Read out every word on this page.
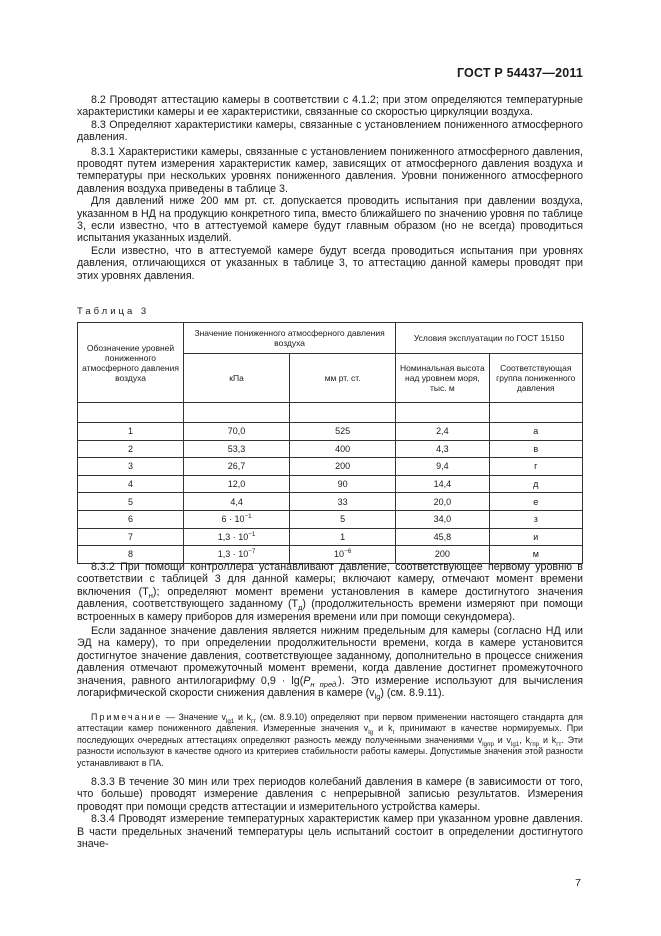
ГОСТ Р 54437—2011

8.2 Проводят аттестацию камеры в соответствии с 4.1.2; при этом определяются температурные характеристики камеры и ее характеристики, связанные со скоростью циркуляции воздуха.

8.3 Определяют характеристики камеры, связанные с установлением пониженного атмосферного давления.

8.3.1 Характеристики камеры, связанные с установлением пониженного атмосферного давления, проводят путем измерения характеристик камер, зависящих от атмосферного давления воздуха и температуры при нескольких уровнях пониженного давления. Уровни пониженного атмосферного давления воздуха приведены в таблице 3.

Для давлений ниже 200 мм рт. ст. допускается проводить испытания при давлении воздуха, указанном в НД на продукцию конкретного типа, вместо ближайшего по значению уровня по таблице 3, если известно, что в аттестуемой камере будут главным образом (но не всегда) проводиться испытания указанных изделий.

Если известно, что в аттестуемой камере будут всегда проводиться испытания при уровнях давления, отличающихся от указанных в таблице 3, то аттестацию данной камеры проводят при этих уровнях давления.

Таблица 3
Обозначение уровней пониженного атмосферного давления воздуха	Значение пониженного атмосферного давления воздуха		Условия эксплуатации по ГОСТ 15150	
	кПа	мм рт. ст.	Номинальная высота над уровнем моря, тыс. м	Соответствующая группа пониженного давления

1	70,0	525	2,4	а
2	53,3	400	4,3	в
3	26,7	200	9,4	г
4	12,0	90	14,4	д
5	4,4	33	20,0	е
6	$6 \cdot 10^{-1}$	5	34,0	з
7	$1,3 \cdot 10^{-1}$	1	45,8	и
8	$1,3 \cdot 10^{-7}$	$10^{-6}$	200	м

8.3.2 При помощи контроллера устанавливают давление, соответствующее первому уровню в соответствии с таблицей 3 для данной камеры; включают камеру, отмечают момент времени включения $(Т_н)$; определяют момент времени установления в камере достигнутого значения давления, соответствующего заданному $(Т_д)$ (продолжительность времени измеряют при помощи встроенных в камеру приборов для измерения времени или при помощи секундомера).

Если заданное значение давления является нижним предельным для камеры (согласно НД или ЭД на камеру), то при определении продолжительности времени, когда в камере установится достигнутое значение давления, соответствующее заданному, дополнительно в процессе снижения давления отмечают промежуточный момент времени, когда давление достигнет промежуточного значения, равного антилогарифму $0,9 \cdot \lg(P_{н пред.})$. Это измерение используют для вычисления логарифмической скорости снижения давления в камере $(v_{lg})$ (см. 8.9.11).

Примечание — Значение $v_{lg1}$ и $k_{гт}$ (см. 8.9.10) определяют при первом применении настоящего стандарта для аттестации камер пониженного давления. Измеренные значения $v_{lg}$ и $k_г$ принимают в качестве нормируемых. При последующих очередных аттестациях определяют разность между полученными значениями $v_{lgпр}$ и $v_{lg1}$, $k_{гпр}$ и $k_{гт}$. Эти разности используют в качестве одного из критериев стабильности работы камеры. Допустимые значения этой разности устанавливают в ПА.

8.3.3 В течение 30 мин или трех периодов колебаний давления в камере (в зависимости от того, что больше) проводят измерение давления с непрерывной записью результатов. Измерения проводят при помощи средств аттестации и измерительного устройства камеры.

8.3.4 Проводят измерение температурных характеристик камер при указанном уровне давления. В части предельных значений температуры цель испытаний состоит в определении достигнутого значе-

7
